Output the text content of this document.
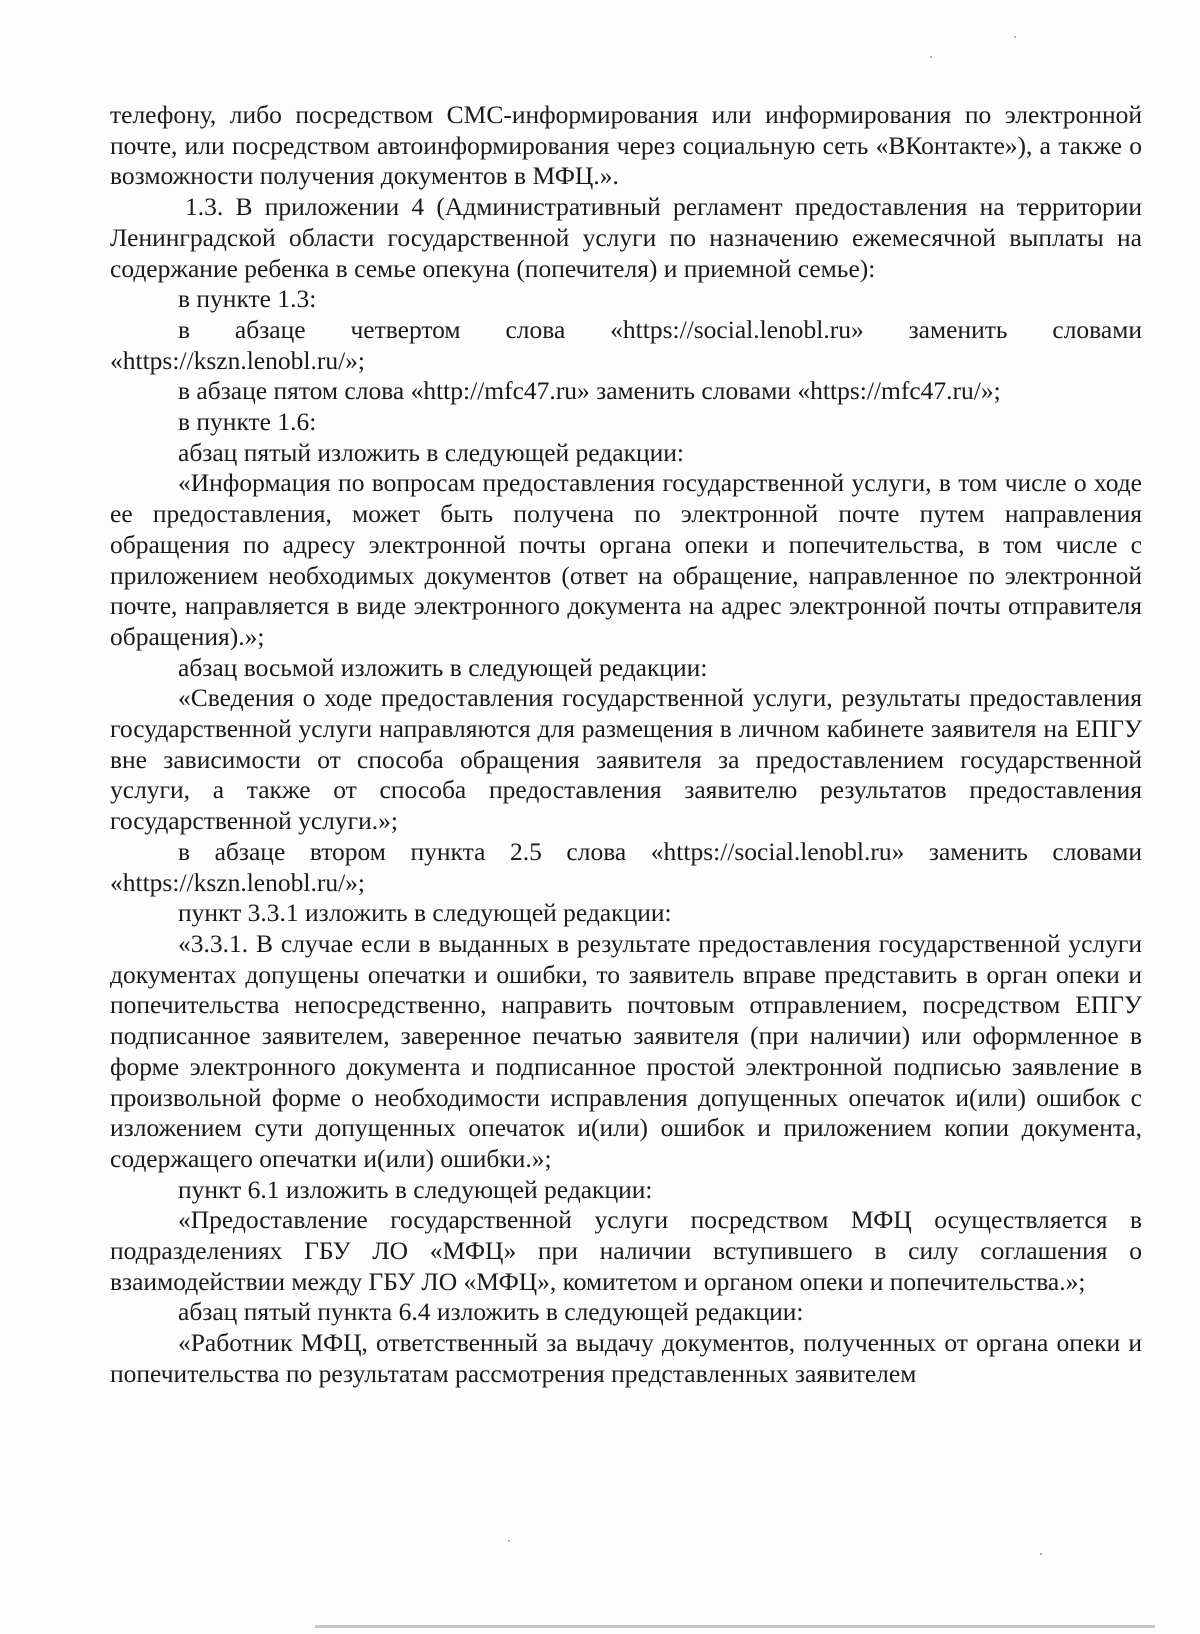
телефону, либо посредством СМС-информирования или информирования по электронной почте, или посредством автоинформирования через социальную сеть «ВКонтакте»), а также о возможности получения документов в МФЦ.».

1.3. В приложении 4 (Административный регламент предоставления на территории Ленинградской области государственной услуги по назначению ежемесячной выплаты на содержание ребенка в семье опекуна (попечителя) и приемной семье):

в пункте 1.3:

в абзаце четвертом слова «https://social.lenobl.ru» заменить словами «https://kszn.lenobl.ru/»;

в абзаце пятом слова «http://mfc47.ru» заменить словами «https://mfc47.ru/»;

в пункте 1.6:

абзац пятый изложить в следующей редакции:

«Информация по вопросам предоставления государственной услуги, в том числе о ходе ее предоставления, может быть получена по электронной почте путем направления обращения по адресу электронной почты органа опеки и попечительства, в том числе с приложением необходимых документов (ответ на обращение, направленное по электронной почте, направляется в виде электронного документа на адрес электронной почты отправителя обращения).»;

абзац восьмой изложить в следующей редакции:

«Сведения о ходе предоставления государственной услуги, результаты предоставления государственной услуги направляются для размещения в личном кабинете заявителя на ЕПГУ вне зависимости от способа обращения заявителя за предоставлением государственной услуги, а также от способа предоставления заявителю результатов предоставления государственной услуги.»;

в абзаце втором пункта 2.5 слова «https://social.lenobl.ru» заменить словами «https://kszn.lenobl.ru/»;

пункт 3.3.1 изложить в следующей редакции:

«3.3.1. В случае если в выданных в результате предоставления государственной услуги документах допущены опечатки и ошибки, то заявитель вправе представить в орган опеки и попечительства непосредственно, направить почтовым отправлением, посредством ЕПГУ подписанное заявителем, заверенное печатью заявителя (при наличии) или оформленное в форме электронного документа и подписанное простой электронной подписью заявление в произвольной форме о необходимости исправления допущенных опечаток и(или) ошибок с изложением сути допущенных опечаток и(или) ошибок и приложением копии документа, содержащего опечатки и(или) ошибки.»;

пункт 6.1 изложить в следующей редакции:

«Предоставление государственной услуги посредством МФЦ осуществляется в подразделениях ГБУ ЛО «МФЦ» при наличии вступившего в силу соглашения о взаимодействии между ГБУ ЛО «МФЦ», комитетом и органом опеки и попечительства.»;

абзац пятый пункта 6.4 изложить в следующей редакции:

«Работник МФЦ, ответственный за выдачу документов, полученных от органа опеки и попечительства по результатам рассмотрения представленных заявителем
